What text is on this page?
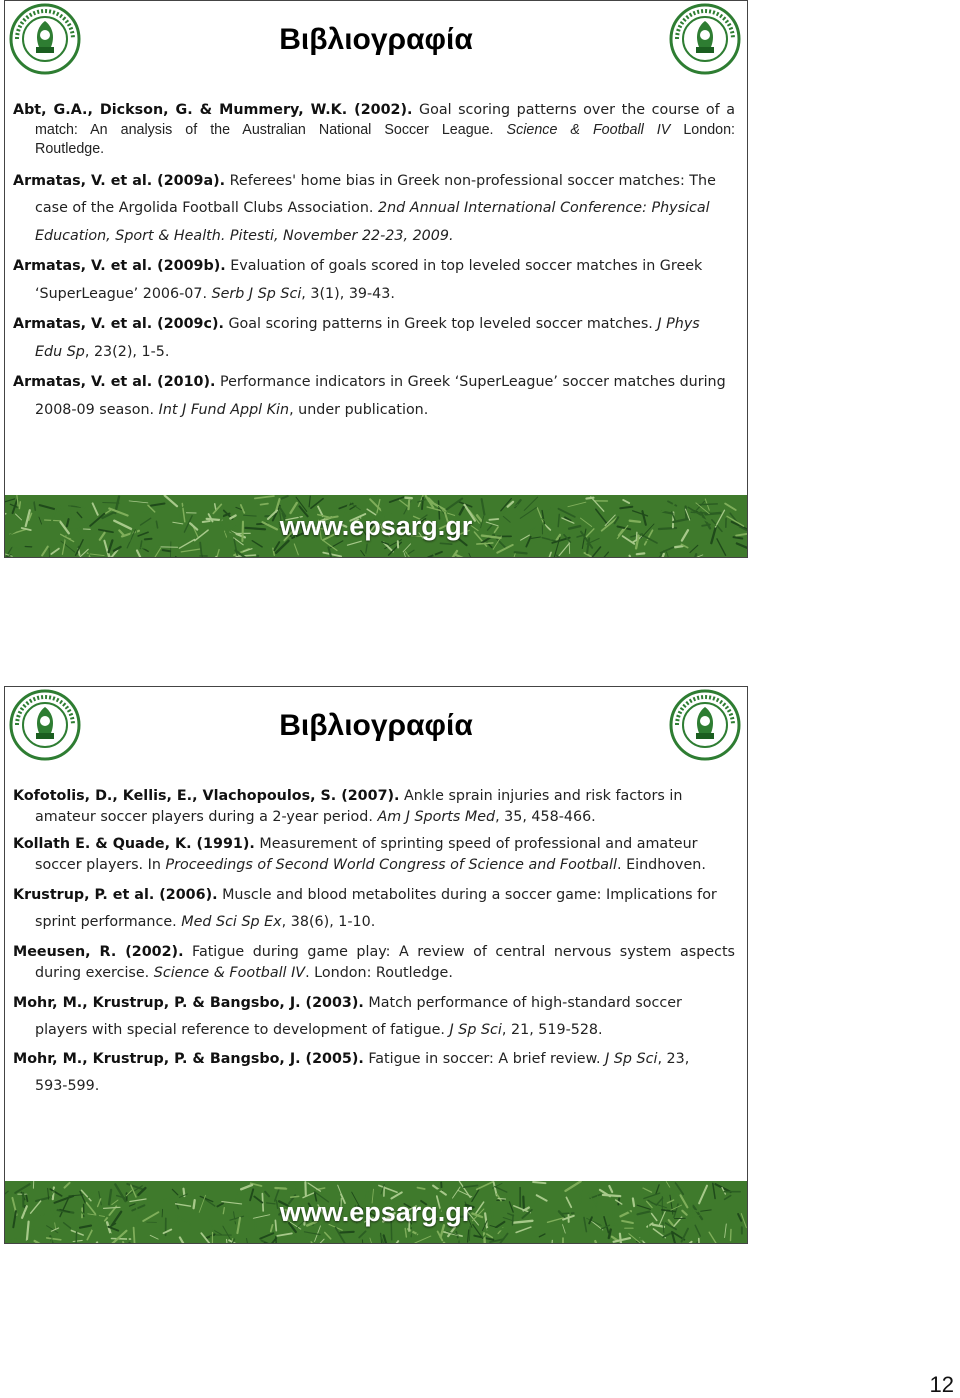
Βιβλιογραφία

Abt, G.A., Dickson, G. & Mummery, W.K. (2002). Goal scoring patterns over the course of a
match: An analysis of the Australian National Soccer League. Science & Football IV London:
Routledge.

Armatas, V. et al. (2009a). Referees' home bias in Greek non-professional soccer matches: The
case of the Argolida Football Clubs Association. 2nd Annual International Conference: Physical
Education, Sport & Health. Pitesti, November 22-23, 2009.

Armatas, V. et al. (2009b). Evaluation of goals scored in top leveled soccer matches in Greek
‘SuperLeague’ 2006-07. Serb J Sp Sci, 3(1), 39-43.

Armatas, V. et al. (2009c). Goal scoring patterns in Greek top leveled soccer matches. J Phys
Edu Sp, 23(2), 1-5.

Armatas, V. et al. (2010). Performance indicators in Greek ‘SuperLeague’ soccer matches during
2008-09 season. Int J Fund Appl Kin, under publication.

www.epsarg.gr
Βιβλιογραφία

Kofotolis, D., Kellis, E., Vlachopoulos, S. (2007). Ankle sprain injuries and risk factors in
amateur soccer players during a 2-year period. Am J Sports Med, 35, 458-466.

Kollath E. & Quade, K. (1991). Measurement of sprinting speed of professional and amateur
soccer players. In Proceedings of Second World Congress of Science and Football. Eindhoven.

Krustrup, P. et al. (2006). Muscle and blood metabolites during a soccer game: Implications for
sprint performance. Med Sci Sp Ex, 38(6), 1-10.

Meeusen, R. (2002). Fatigue during game play: A review of central nervous system aspects
during exercise. Science & Football IV. London: Routledge.

Mohr, M., Krustrup, P. & Bangsbo, J. (2003). Match performance of high-standard soccer
players with special reference to development of fatigue. J Sp Sci, 21, 519-528.

Mohr, M., Krustrup, P. & Bangsbo, J. (2005). Fatigue in soccer: A brief review. J Sp Sci, 23,
593-599.

www.epsarg.gr
12
